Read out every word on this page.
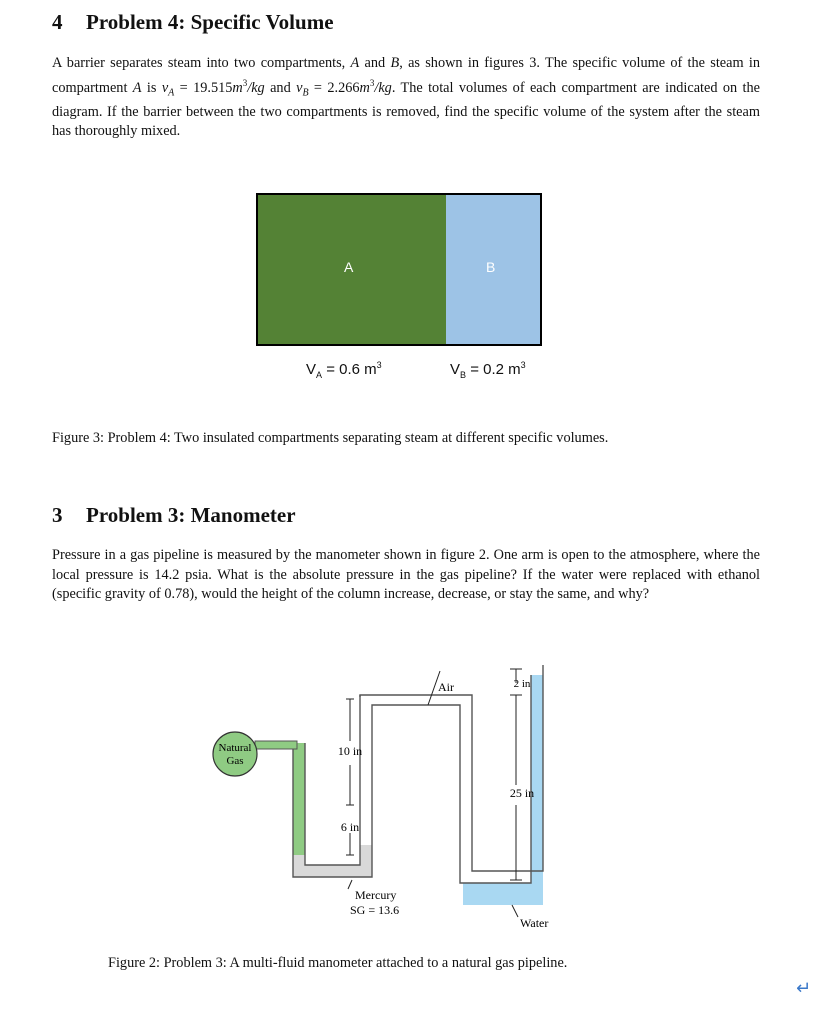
4 Problem 4: Specific Volume

A barrier separates steam into two compartments, A and B, as shown in figures 3. The specific volume of the steam in compartment A is $v_A = 19.515m^3/kg$ and $v_B = 2.266m^3/kg$. The total volumes of each compartment are indicated on the diagram. If the barrier between the two compartments is removed, find the specific volume of the system after the steam has thoroughly mixed.

A	B
$V_A = 0.6$ $m^3$	$V_B = 0.2$ $m^3$

Figure 3: Problem 4: Two insulated compartments separating steam at different specific volumes.

3 Problem 3: Manometer

Pressure in a gas pipeline is measured by the manometer shown in figure 2. One arm is open to the atmosphere, where the local pressure is 14.2 psia. What is the absolute pressure in the gas pipeline? If the water were replaced with ethanol (specific gravity of 0.78), would the height of the column increase, decrease, or stay the same, and why?

Natural
Gas
10 in
6 in
2 in
25 in
Air
Mercury
SG = 13.6
Water

Figure 2: Problem 3: A multi-fluid manometer attached to a natural gas pipeline.

↵
